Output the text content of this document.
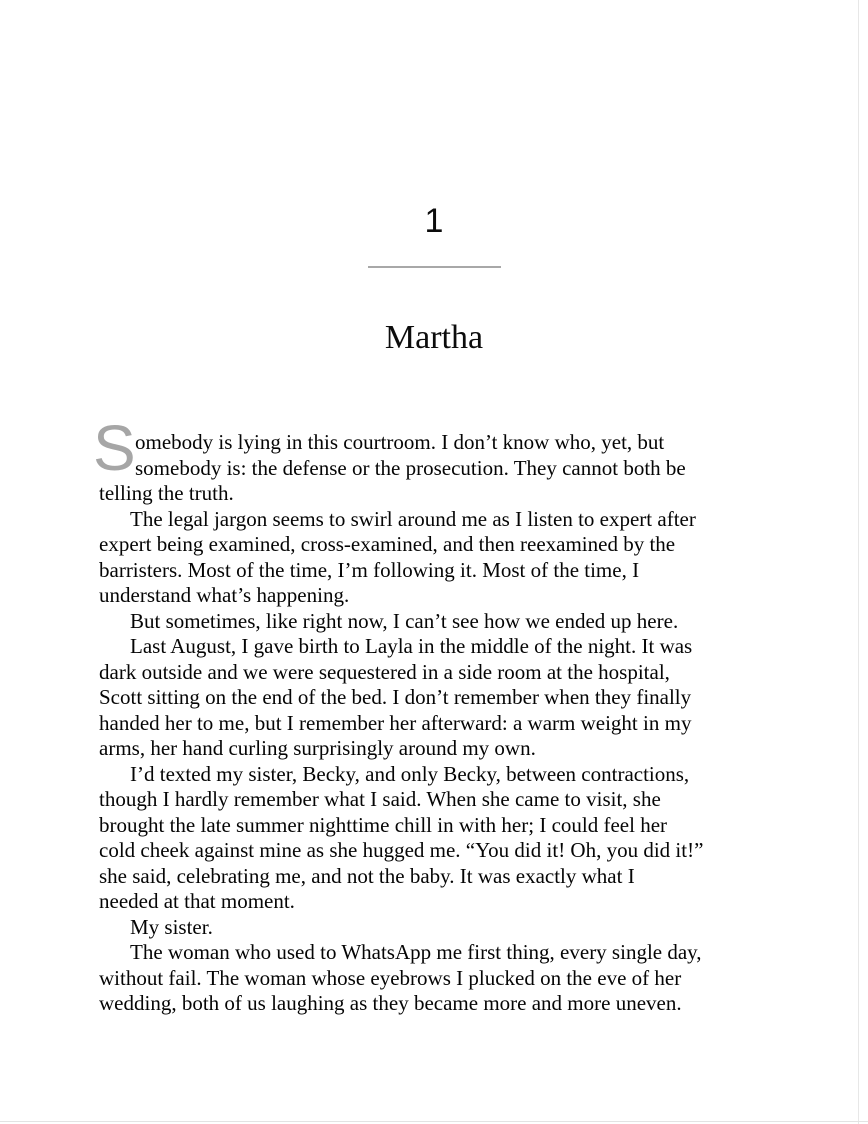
1
Martha
S omebody is lying in this courtroom. I don’t know who, yet, but
somebody is: the defense or the prosecution. They cannot both be
telling the truth.
The legal jargon seems to swirl around me as I listen to expert after
expert being examined, cross-examined, and then reexamined by the
barristers. Most of the time, I’m following it. Most of the time, I
understand what’s happening.
But sometimes, like right now, I can’t see how we ended up here.
Last August, I gave birth to Layla in the middle of the night. It was
dark outside and we were sequestered in a side room at the hospital,
Scott sitting on the end of the bed. I don’t remember when they finally
handed her to me, but I remember her afterward: a warm weight in my
arms, her hand curling surprisingly around my own.
I’d texted my sister, Becky, and only Becky, between contractions,
though I hardly remember what I said. When she came to visit, she
brought the late summer nighttime chill in with her; I could feel her
cold cheek against mine as she hugged me. “You did it! Oh, you did it!”
she said, celebrating me, and not the baby. It was exactly what I
needed at that moment.
My sister.
The woman who used to WhatsApp me first thing, every single day,
without fail. The woman whose eyebrows I plucked on the eve of her
wedding, both of us laughing as they became more and more uneven.
